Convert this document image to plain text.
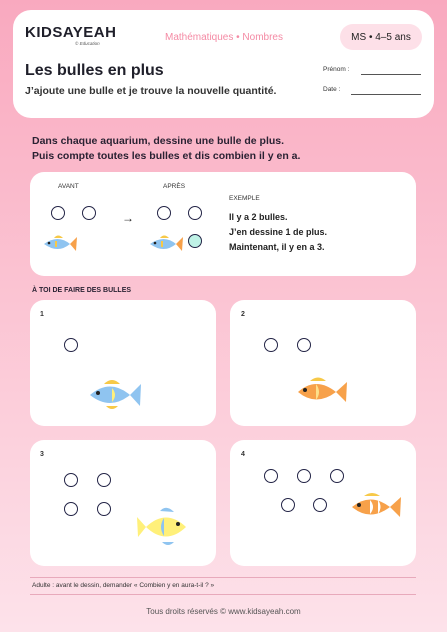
KIDSAYEAH
© Education
Mathématiques • Nombres	MS • 4–5 ans
Les bulles en plus

J’ajoute une bulle et je trouve la nouvelle quantité.

Prénom :
Date :
Dans chaque aquarium, dessine une bulle de plus.
Puis compte toutes les bulles et dis combien il y en a.
AVANT	APRÈS
→
EXEMPLE
Il y a 2 bulles.
J’en dessine 1 de plus.
Maintenant, il y en a 3.
À TOI DE FAIRE DES BULLES
1	2
3	4
Adulte : avant le dessin, demander « Combien y en aura-t-il ? »
Tous droits réservés © www.kidsayeah.com
